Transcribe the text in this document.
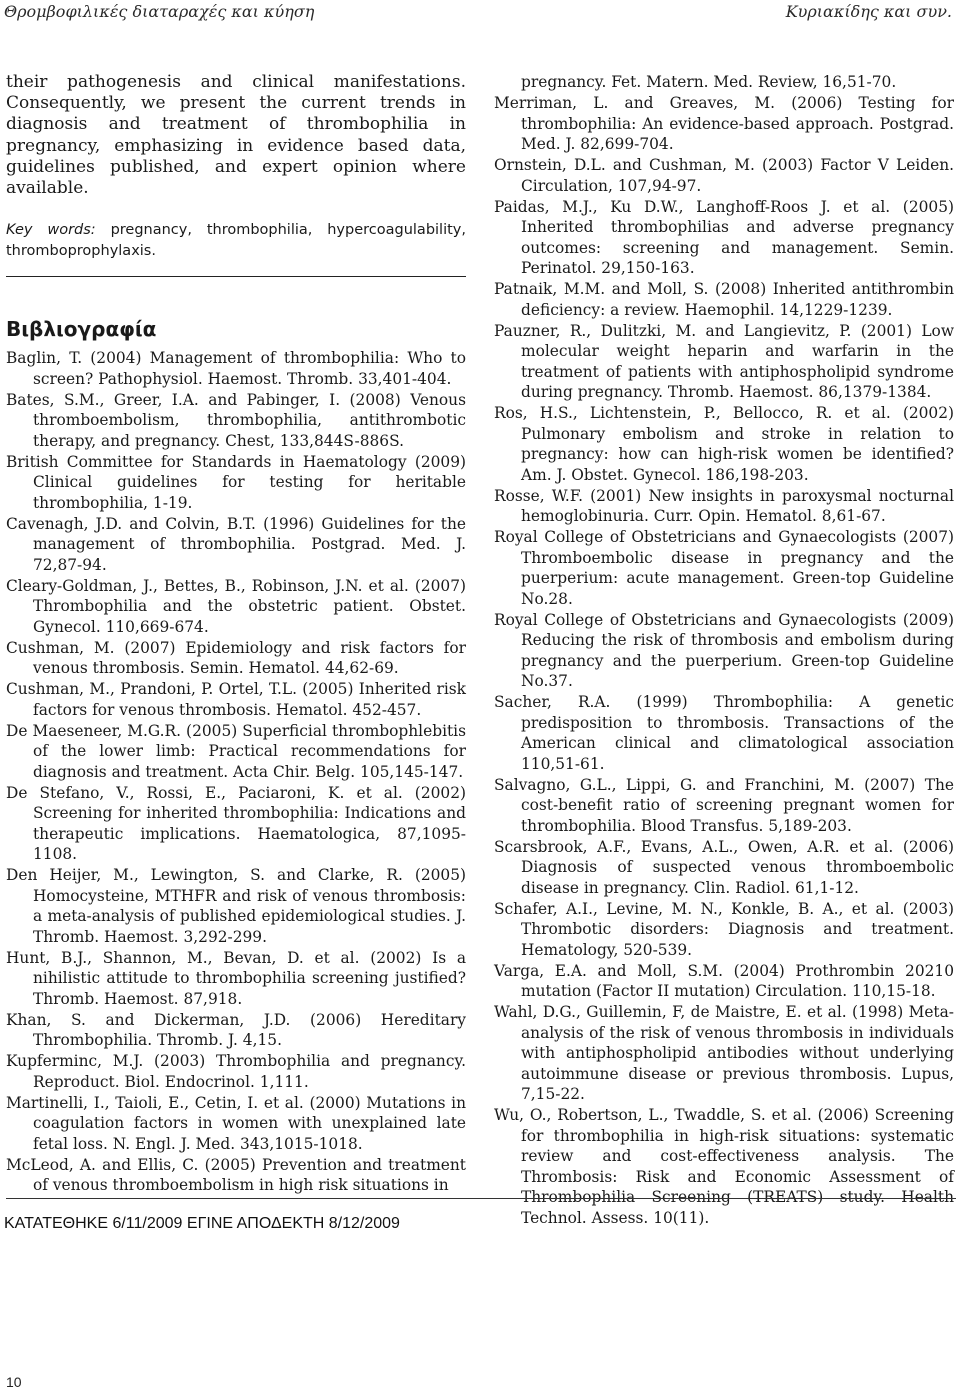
Θρομβοφιλικές διαταραχές και κύηση	Κυριακίδης και συν.

their pathogenesis and clinical manifestations. Consequently, we present the current trends in diagnosis and treatment of thrombophilia in pregnancy, emphasizing in evidence based data, guidelines published, and expert opinion where available.

Key words: pregnancy, thrombophilia, hypercoagulability, thromboprophylaxis.

Βιβλιογραφία
Baglin, T. (2004) Management of thrombophilia: Who to screen? Pathophysiol. Haemost. Thromb. 33,401-404.
Bates, S.M., Greer, I.A. and Pabinger, I. (2008) Venous thromboembolism, thrombophilia, antithrombotic therapy, and pregnancy. Chest, 133,844S-886S.
British Committee for Standards in Haematology (2009) Clinical guidelines for testing for heritable thrombophilia, 1-19.
Cavenagh, J.D. and Colvin, B.T. (1996) Guidelines for the management of thrombophilia. Postgrad. Med. J. 72,87-94.
Cleary-Goldman, J., Bettes, B., Robinson, J.N. et al. (2007) Thrombophilia and the obstetric patient. Obstet. Gynecol. 110,669-674.
Cushman, M. (2007) Epidemiology and risk factors for venous thrombosis. Semin. Hematol. 44,62-69.
Cushman, M., Prandoni, P. Ortel, T.L. (2005) Inherited risk factors for venous thrombosis. Hematol. 452-457.
De Maeseneer, M.G.R. (2005) Superficial thrombophlebitis of the lower limb: Practical recommendations for diagnosis and treatment. Acta Chir. Belg. 105,145-147.
De Stefano, V., Rossi, E., Paciaroni, K. et al. (2002) Screening for inherited thrombophilia: Indications and therapeutic implications. Haematologica, 87,1095-1108.
Den Heijer, M., Lewington, S. and Clarke, R. (2005) Homocysteine, MTHFR and risk of venous thrombosis: a meta-analysis of published epidemiological studies. J. Thromb. Haemost. 3,292-299.
Hunt, B.J., Shannon, M., Bevan, D. et al. (2002) Is a nihilistic attitude to thrombophilia screening justified? Thromb. Haemost. 87,918.
Khan, S. and Dickerman, J.D. (2006) Hereditary Thrombophilia. Thromb. J. 4,15.
Kupferminc, M.J. (2003) Thrombophilia and pregnancy. Reproduct. Biol. Endocrinol. 1,111.
Martinelli, I., Taioli, E., Cetin, I. et al. (2000) Mutations in coagulation factors in women with unexplained late fetal loss. N. Engl. J. Med. 343,1015-1018.
McLeod, A. and Ellis, C. (2005) Prevention and treatment of venous thromboembolism in high risk situations in
pregnancy. Fet. Matern. Med. Review, 16,51-70.
Merriman, L. and Greaves, M. (2006) Testing for thrombophilia: An evidence-based approach. Postgrad. Med. J. 82,699-704.
Ornstein, D.L. and Cushman, M. (2003) Factor V Leiden. Circulation, 107,94-97.
Paidas, M.J., Ku D.W., Langhoff-Roos J. et al. (2005) Inherited thrombophilias and adverse pregnancy outcomes: screening and management. Semin. Perinatol. 29,150-163.
Patnaik, M.M. and Moll, S. (2008) Inherited antithrombin deficiency: a review. Haemophil. 14,1229-1239.
Pauzner, R., Dulitzki, M. and Langievitz, P. (2001) Low molecular weight heparin and warfarin in the treatment of patients with antiphospholipid syndrome during pregnancy. Thromb. Haemost. 86,1379-1384.
Ros, H.S., Lichtenstein, P., Bellocco, R. et al. (2002) Pulmonary embolism and stroke in relation to pregnancy: how can high-risk women be identified? Am. J. Obstet. Gynecol. 186,198-203.
Rosse, W.F. (2001) New insights in paroxysmal nocturnal hemoglobinuria. Curr. Opin. Hematol. 8,61-67.
Royal College of Obstetricians and Gynaecologists (2007) Thromboembolic disease in pregnancy and the puerperium: acute management. Green-top Guideline No.28.
Royal College of Obstetricians and Gynaecologists (2009) Reducing the risk of thrombosis and embolism during pregnancy and the puerperium. Green-top Guideline No.37.
Sacher, R.A. (1999) Thrombophilia: A genetic predisposition to thrombosis. Transactions of the American clinical and climatological association 110,51-61.
Salvagno, G.L., Lippi, G. and Franchini, M. (2007) The cost-benefit ratio of screening pregnant women for thrombophilia. Blood Transfus. 5,189-203.
Scarsbrook, A.F., Evans, A.L., Owen, A.R. et al. (2006) Diagnosis of suspected venous thromboembolic disease in pregnancy. Clin. Radiol. 61,1-12.
Schafer, A.I., Levine, M. N., Konkle, B. A., et al. (2003) Thrombotic disorders: Diagnosis and treatment. Hematology, 520-539.
Varga, E.A. and Moll, S.M. (2004) Prothrombin 20210 mutation (Factor II mutation) Circulation. 110,15-18.
Wahl, D.G., Guillemin, F, de Maistre, E. et al. (1998) Meta-analysis of the risk of venous thrombosis in individuals with antiphospholipid antibodies without underlying autoimmune disease or previous thrombosis. Lupus, 7,15-22.
Wu, O., Robertson, L., Twaddle, S. et al. (2006) Screening for thrombophilia in high-risk situations: systematic review and cost-effectiveness analysis. The Thrombosis: Risk and Economic Assessment of Thrombophilia Screening (TREATS) study. Health Technol. Assess. 10(11).
ΚΑΤΑΤΕΘΗΚΕ 6/11/2009 ΕΓΙΝΕ ΑΠΟΔΕΚΤΗ 8/12/2009
10
